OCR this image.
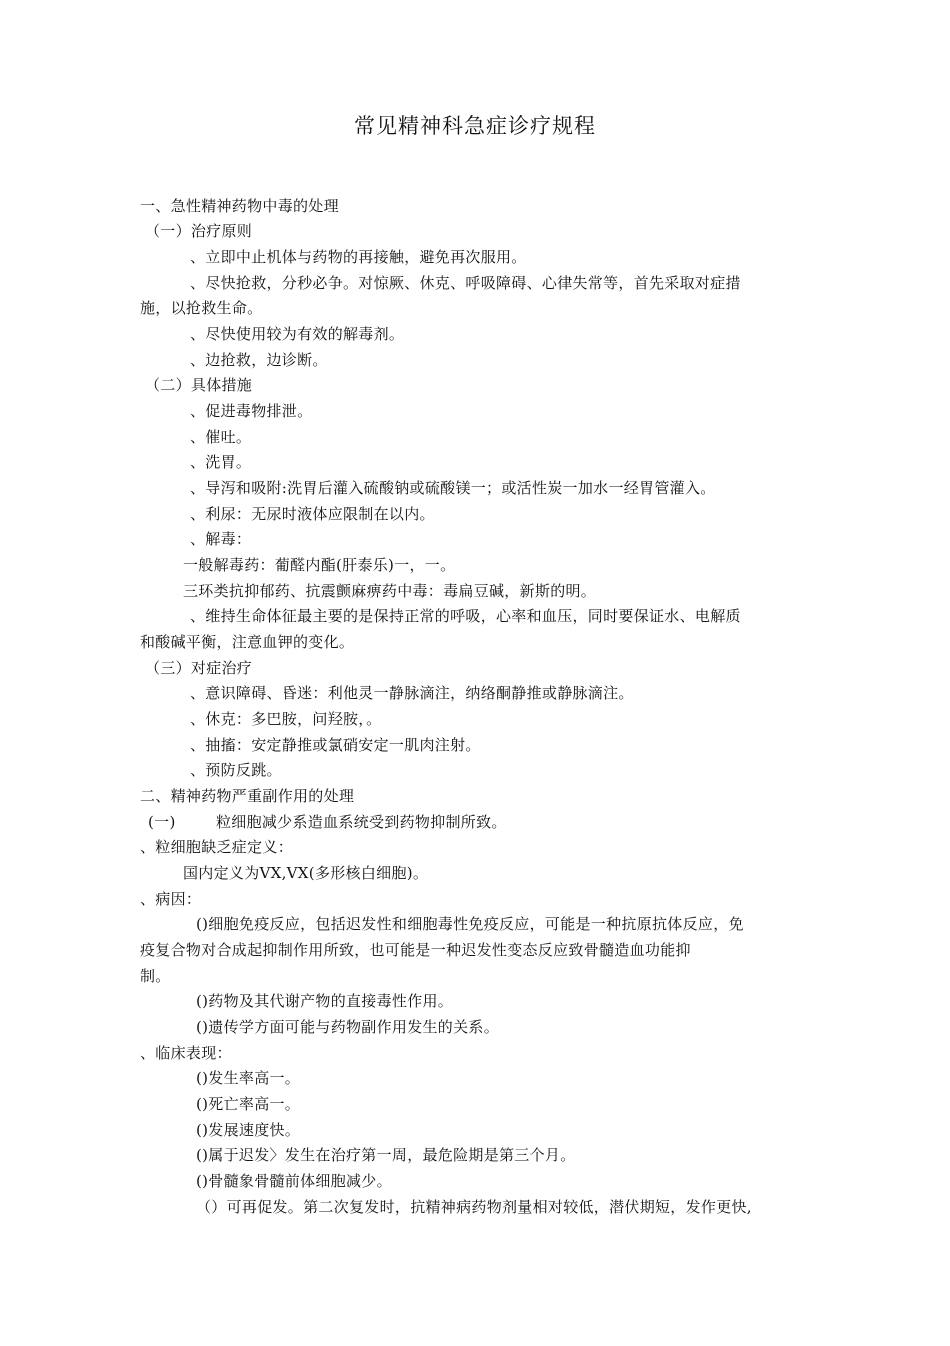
常见精神科急症诊疗规程
一、急性精神药物中毒的处理
（一）治疗原则
、立即中止机体与药物的再接触，避免再次服用。
、尽快抢救，分秒必争。对惊厥、休克、呼吸障碍、心律失常等，首先采取对症措
施，以抢救生命。
、尽快使用较为有效的解毒剂。
、边抢救，边诊断。
（二）具体措施
、促进毒物排泄。
、催吐。
、洗胃。
、导泻和吸附:洗胃后灌入硫酸钠或硫酸镁一；或活性炭一加水一经胃管灌入。
、利尿：无尿时液体应限制在以内。
、解毒：
一般解毒药：葡醛内酯(肝泰乐)一，一。
三环类抗抑郁药、抗震颤麻痹药中毒：毒扁豆碱，新斯的明。
、维持生命体征最主要的是保持正常的呼吸，心率和血压，同时要保证水、电解质
和酸碱平衡，注意血钾的变化。
（三）对症治疗
、意识障碍、昏迷：利他灵一静脉滴注，纳络酮静推或静脉滴注。
、休克：多巴胺，问羟胺，。
、抽搐：安定静推或氯硝安定一肌肉注射。
、预防反跳。
二、精神药物严重副作用的处理
(一)	粒细胞减少系造血系统受到药物抑制所致。
、粒细胞缺乏症定义：
国内定义为VX,VX(多形核白细胞)。
、病因：
()细胞免疫反应，包括迟发性和细胞毒性免疫反应，可能是一种抗原抗体反应，免
疫复合物对合成起抑制作用所致，也可能是一种迟发性变态反应致骨髓造血功能抑
制。
()药物及其代谢产物的直接毒性作用。
()遗传学方面可能与药物副作用发生的关系。
、临床表现：
()发生率高一。
()死亡率高一。
()发展速度快。
()属于迟发〉发生在治疗第一周，最危险期是第三个月。
()骨髓象骨髓前体细胞减少。
（）可再促发。第二次复发时，抗精神病药物剂量相对较低，潜伏期短，发作更快,
